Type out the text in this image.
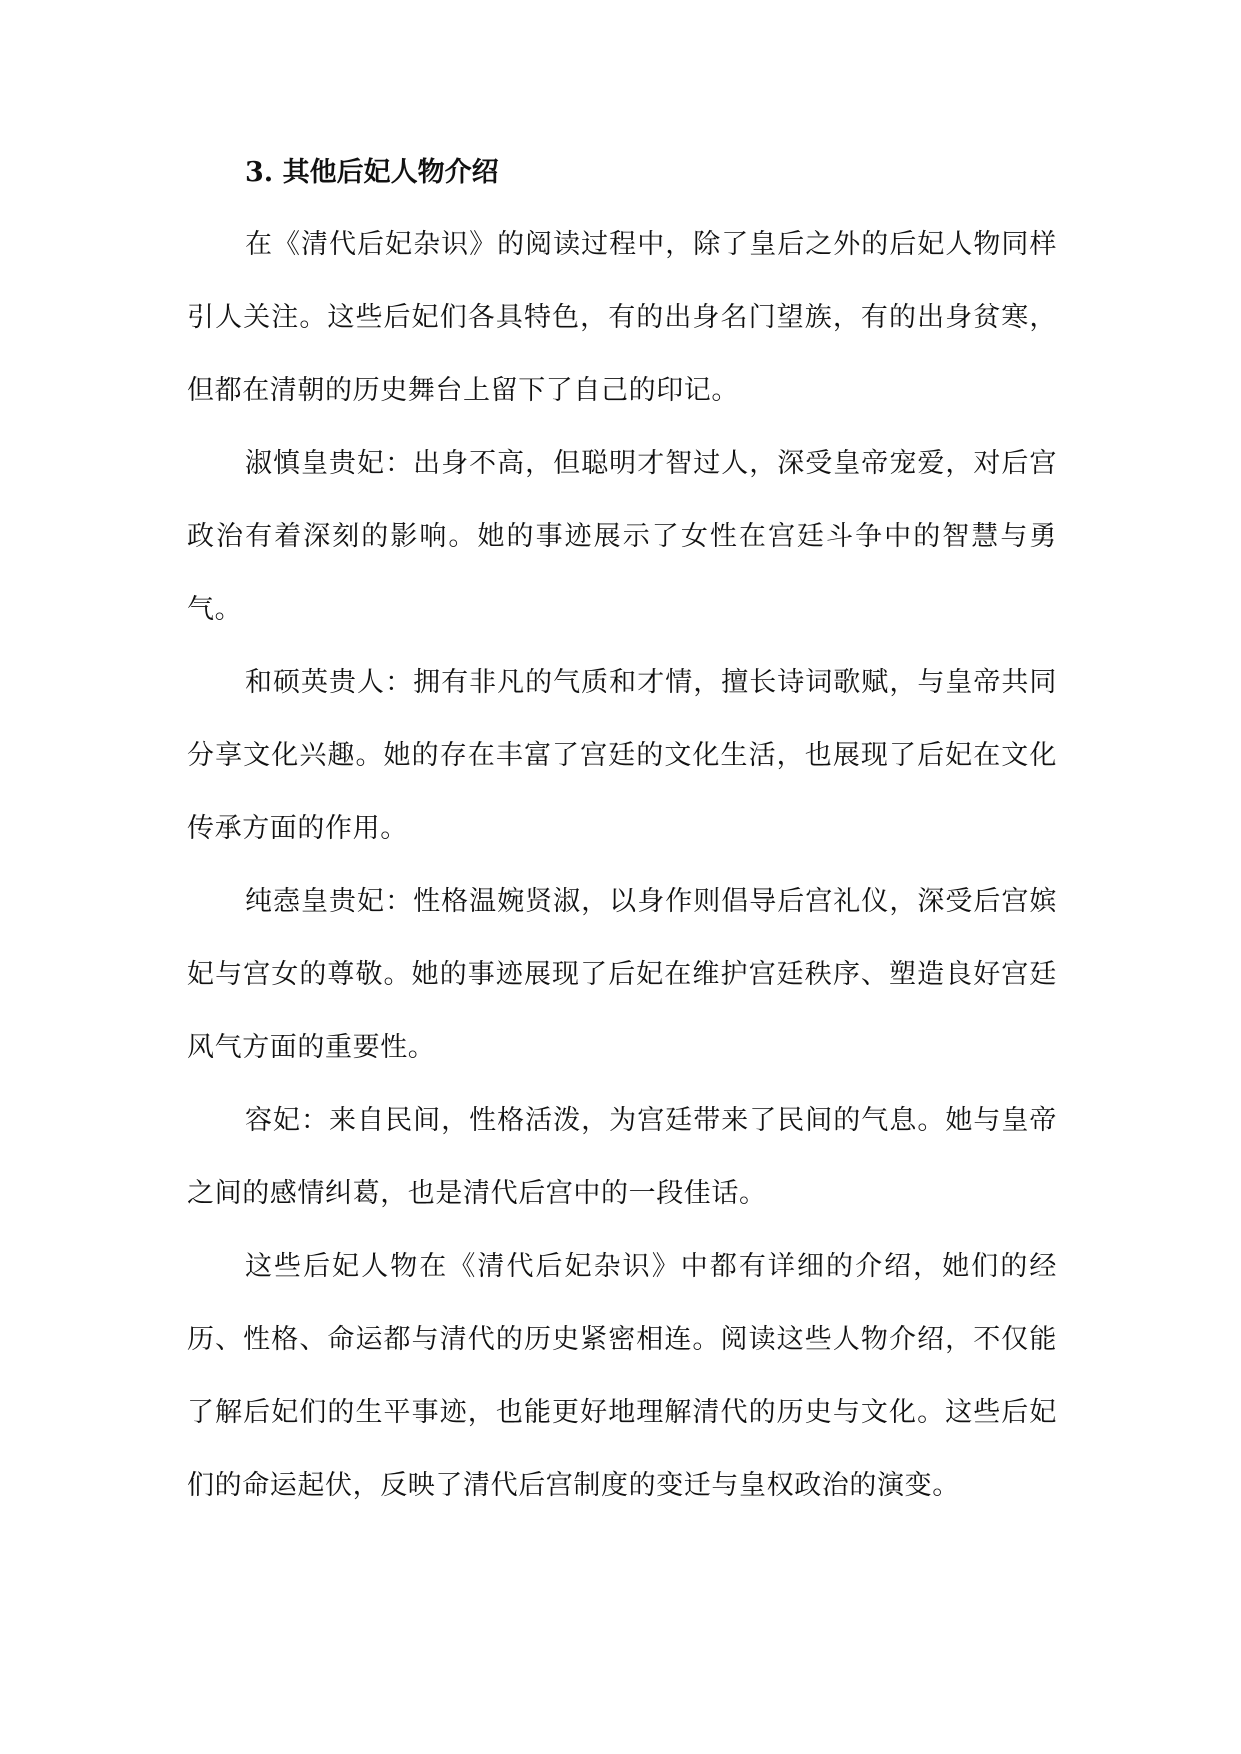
3. 其他后妃人物介绍

在《清代后妃杂识》的阅读过程中，除了皇后之外的后妃人物同样引人关注。这些后妃们各具特色，有的出身名门望族，有的出身贫寒，但都在清朝的历史舞台上留下了自己的印记。

淑慎皇贵妃：出身不高，但聪明才智过人，深受皇帝宠爱，对后宫政治有着深刻的影响。她的事迹展示了女性在宫廷斗争中的智慧与勇气。

和硕英贵人：拥有非凡的气质和才情，擅长诗词歌赋，与皇帝共同分享文化兴趣。她的存在丰富了宫廷的文化生活，也展现了后妃在文化传承方面的作用。

纯悫皇贵妃：性格温婉贤淑，以身作则倡导后宫礼仪，深受后宫嫔妃与宫女的尊敬。她的事迹展现了后妃在维护宫廷秩序、塑造良好宫廷风气方面的重要性。

容妃：来自民间，性格活泼，为宫廷带来了民间的气息。她与皇帝之间的感情纠葛，也是清代后宫中的一段佳话。

这些后妃人物在《清代后妃杂识》中都有详细的介绍，她们的经历、性格、命运都与清代的历史紧密相连。阅读这些人物介绍，不仅能了解后妃们的生平事迹，也能更好地理解清代的历史与文化。这些后妃们的命运起伏，反映了清代后宫制度的变迁与皇权政治的演变。
